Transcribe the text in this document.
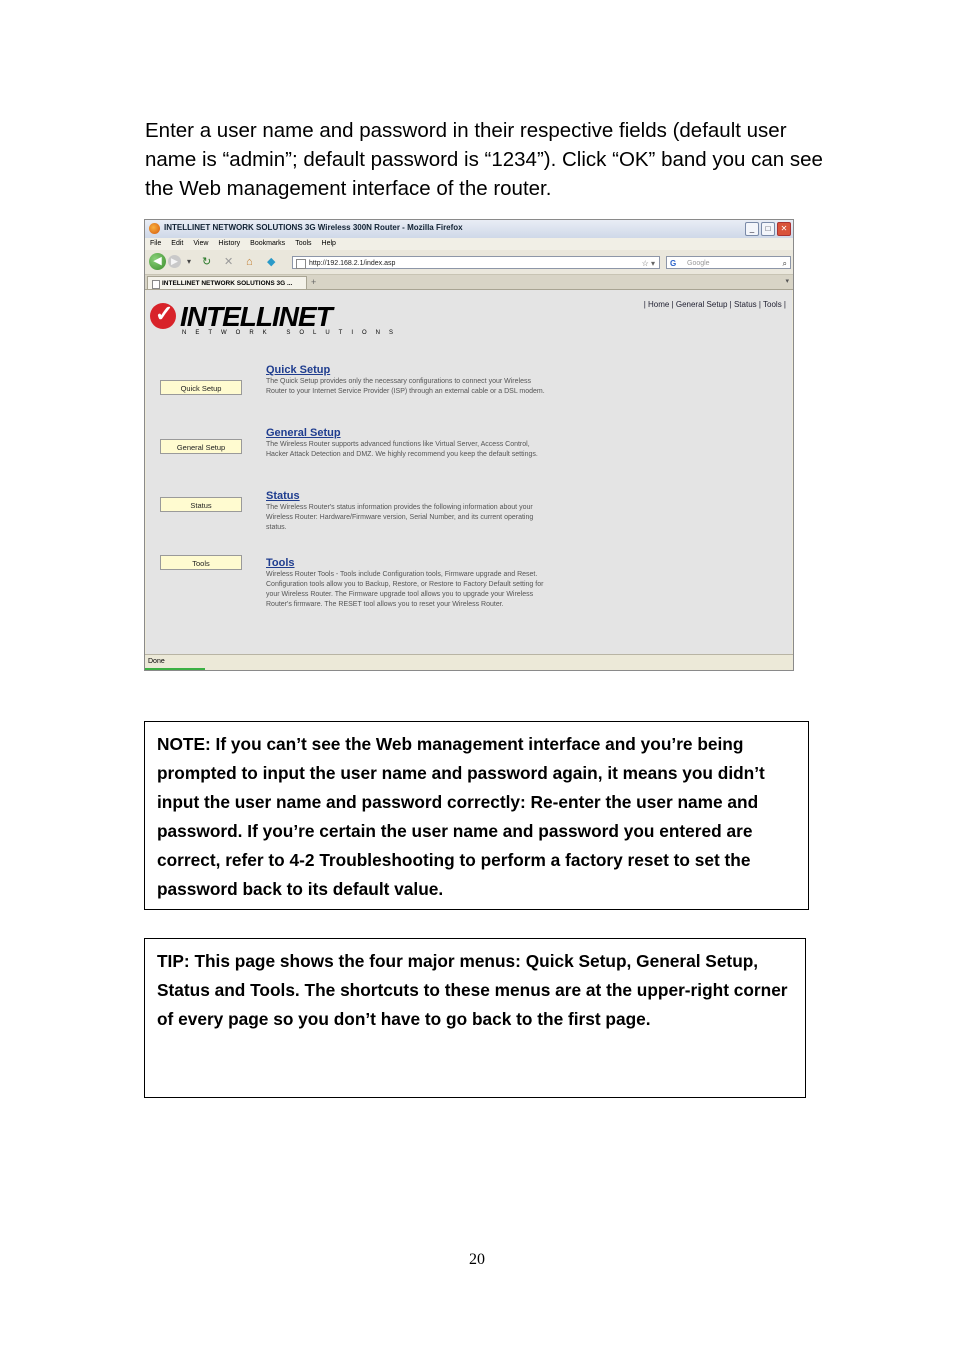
Enter a user name and password in their respective fields (default user name is “admin”; default password is “1234”). Click “OK” band you can see the Web management interface of the router.

INTELLINET NETWORK SOLUTIONS 3G Wireless 300N Router - Mozilla Firefox	_	□	✕
File Edit View History Bookmarks Tools Help
◀	▶	▾ ↻ ✕ ⌂ ◆	http://192.168.2.1/index.asp	☆ ▾ G Google	⌕
INTELLINET NETWORK SOLUTIONS 3G ...	+	▾
✓
INTELLINET
NETWORK SOLUTIONS
| Home | General Setup | Status | Tools |
Quick Setup
Quick Setup
The Quick Setup provides only the necessary configurations to connect your Wireless Router to your Internet Service Provider (ISP) through an external cable or a DSL modem.
General Setup
General Setup
The Wireless Router supports advanced functions like Virtual Server, Access Control, Hacker Attack Detection and DMZ. We highly recommend you keep the default settings.
Status
Status
The Wireless Router's status information provides the following information about your Wireless Router: Hardware/Firmware version, Serial Number, and its current operating status.
Tools	Tools
Wireless Router Tools - Tools include Configuration tools, Firmware upgrade and Reset. Configuration tools allow you to Backup, Restore, or Restore to Factory Default setting for your Wireless Router. The Firmware upgrade tool allows you to upgrade your Wireless Router's firmware. The RESET tool allows you to reset your Wireless Router.
Done

NOTE: If you can’t see the Web management interface and you’re being prompted to input the user name and password again, it means you didn’t input the user name and password correctly: Re-enter the user name and password. If you’re certain the user name and password you entered are correct, refer to 4-2 Troubleshooting to perform a factory reset to set the password back to its default value.

TIP: This page shows the four major menus: Quick Setup, General Setup, Status and Tools. The shortcuts to these menus are at the upper-right corner of every page so you don’t have to go back to the first page.

20
